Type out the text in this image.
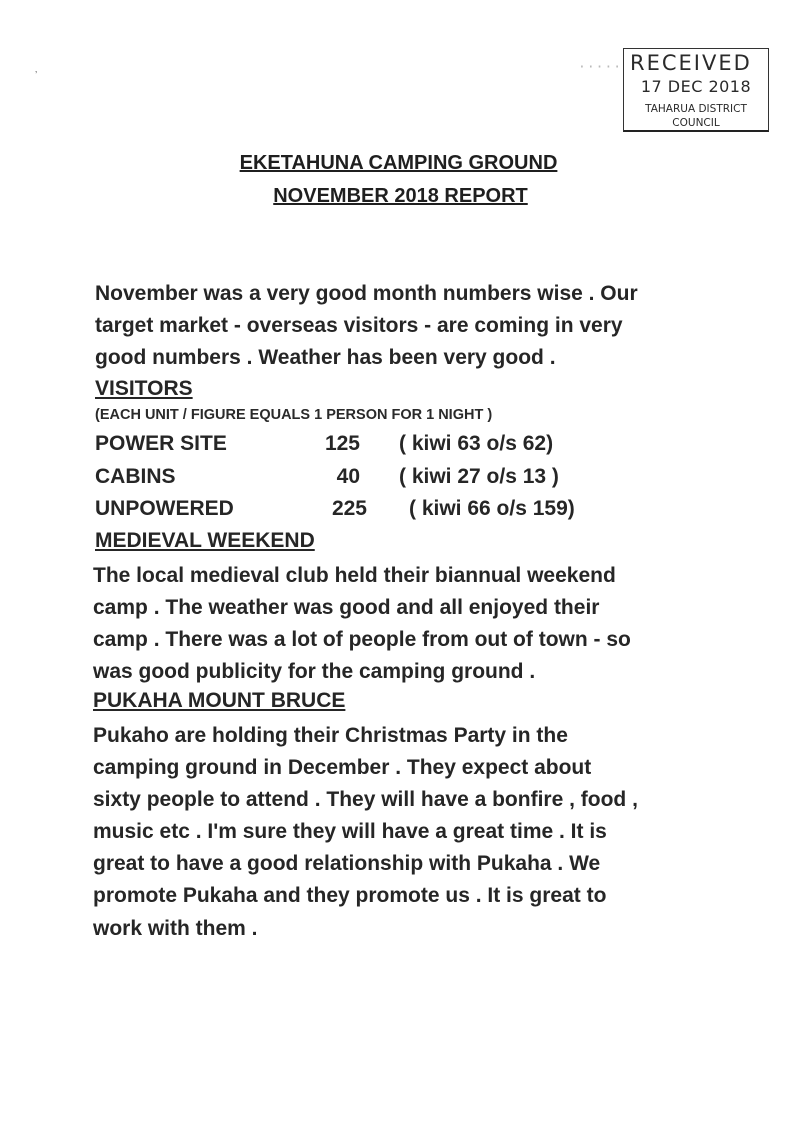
’
····· RECEIVED
17 DEC 2018
TAHARUA DISTRICT
COUNCIL
EKETAHUNA CAMPING GROUND
NOVEMBER 2018 REPORT
November was a very good month numbers wise . Our
target market - overseas visitors - are coming in very
good numbers . Weather has been very good .
VISITORS
(EACH UNIT / FIGURE EQUALS 1 PERSON FOR 1 NIGHT )
POWER SITE	125 ( kiwi 63 o/s 62)
CABINS	40 ( kiwi 27 o/s 13 )
UNPOWERED	225 ( kiwi 66 o/s 159)
MEDIEVAL WEEKEND
The local medieval club held their biannual weekend
camp . The weather was good and all enjoyed their
camp . There was a lot of people from out of town - so
was good publicity for the camping ground .
PUKAHA MOUNT BRUCE
Pukaho are holding their Christmas Party in the
camping ground in December . They expect about
sixty people to attend . They will have a bonfire , food ,
music etc . I'm sure they will have a great time . It is
great to have a good relationship with Pukaha . We
promote Pukaha and they promote us . It is great to
work with them .
